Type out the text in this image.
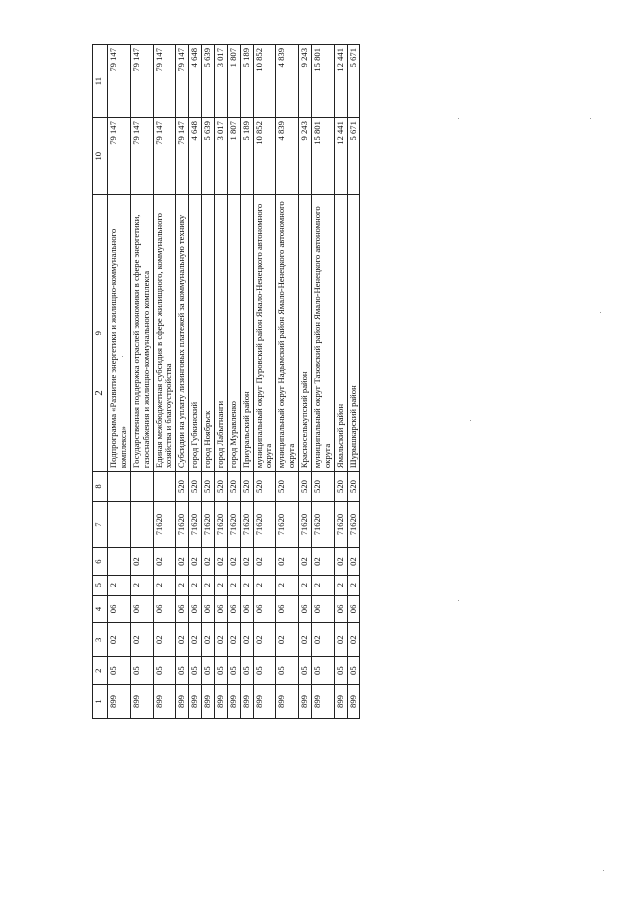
2
1	2	3	4	5	6	7	8	9	10	11
899	05	02	06	2				Подпрограмма «Развитие энергетики и жилищно-коммунального комплекса»	79 147	79 147
899	05	02	06	2	02			Государственная поддержка отраслей экономики в сфере энергетики, газоснабжения и жилищно-коммунального комплекса	79 147	79 147
899	05	02	06	2	02	71620		Единая межбюджетная субсидия в сфере жилищного, коммунального хозяйства и благоустройства	79 147	79 147
899	05	02	06	2	02	71620	520	Субсидии на уплату лизинговых платежей за коммунальную технику	79 147	79 147
899	05	02	06	2	02	71620	520	город Губкинский	4 648	4 648
899	05	02	06	2	02	71620	520	город Ноябрьск	5 639	5 639
899	05	02	06	2	02	71620	520	город Лабытнанги	3 017	3 017
899	05	02	06	2	02	71620	520	город Муравленко	1 807	1 807
899	05	02	06	2	02	71620	520	Приуральский район	5 189	5 189
899	05	02	06	2	02	71620	520	муниципальный округ Пуровский район Ямало-Ненецкого автономного округа	10 852	10 852
899	05	02	06	2	02	71620	520	муниципальный округ Надымский район Ямало-Ненецкого автономного округа	4 839	4 839
899	05	02	06	2	02	71620	520	Красноселькупский район	9 243	9 243
899	05	02	06	2	02	71620	520	муниципальный округ Тазовский район Ямало-Ненецкого автономного округа	15 801	15 801
899	05	02	06	2	02	71620	520	Ямальский район	12 441	12 441
899	05	02	06	2	02	71620	520	Шурышкарский район	5 671	5 671
